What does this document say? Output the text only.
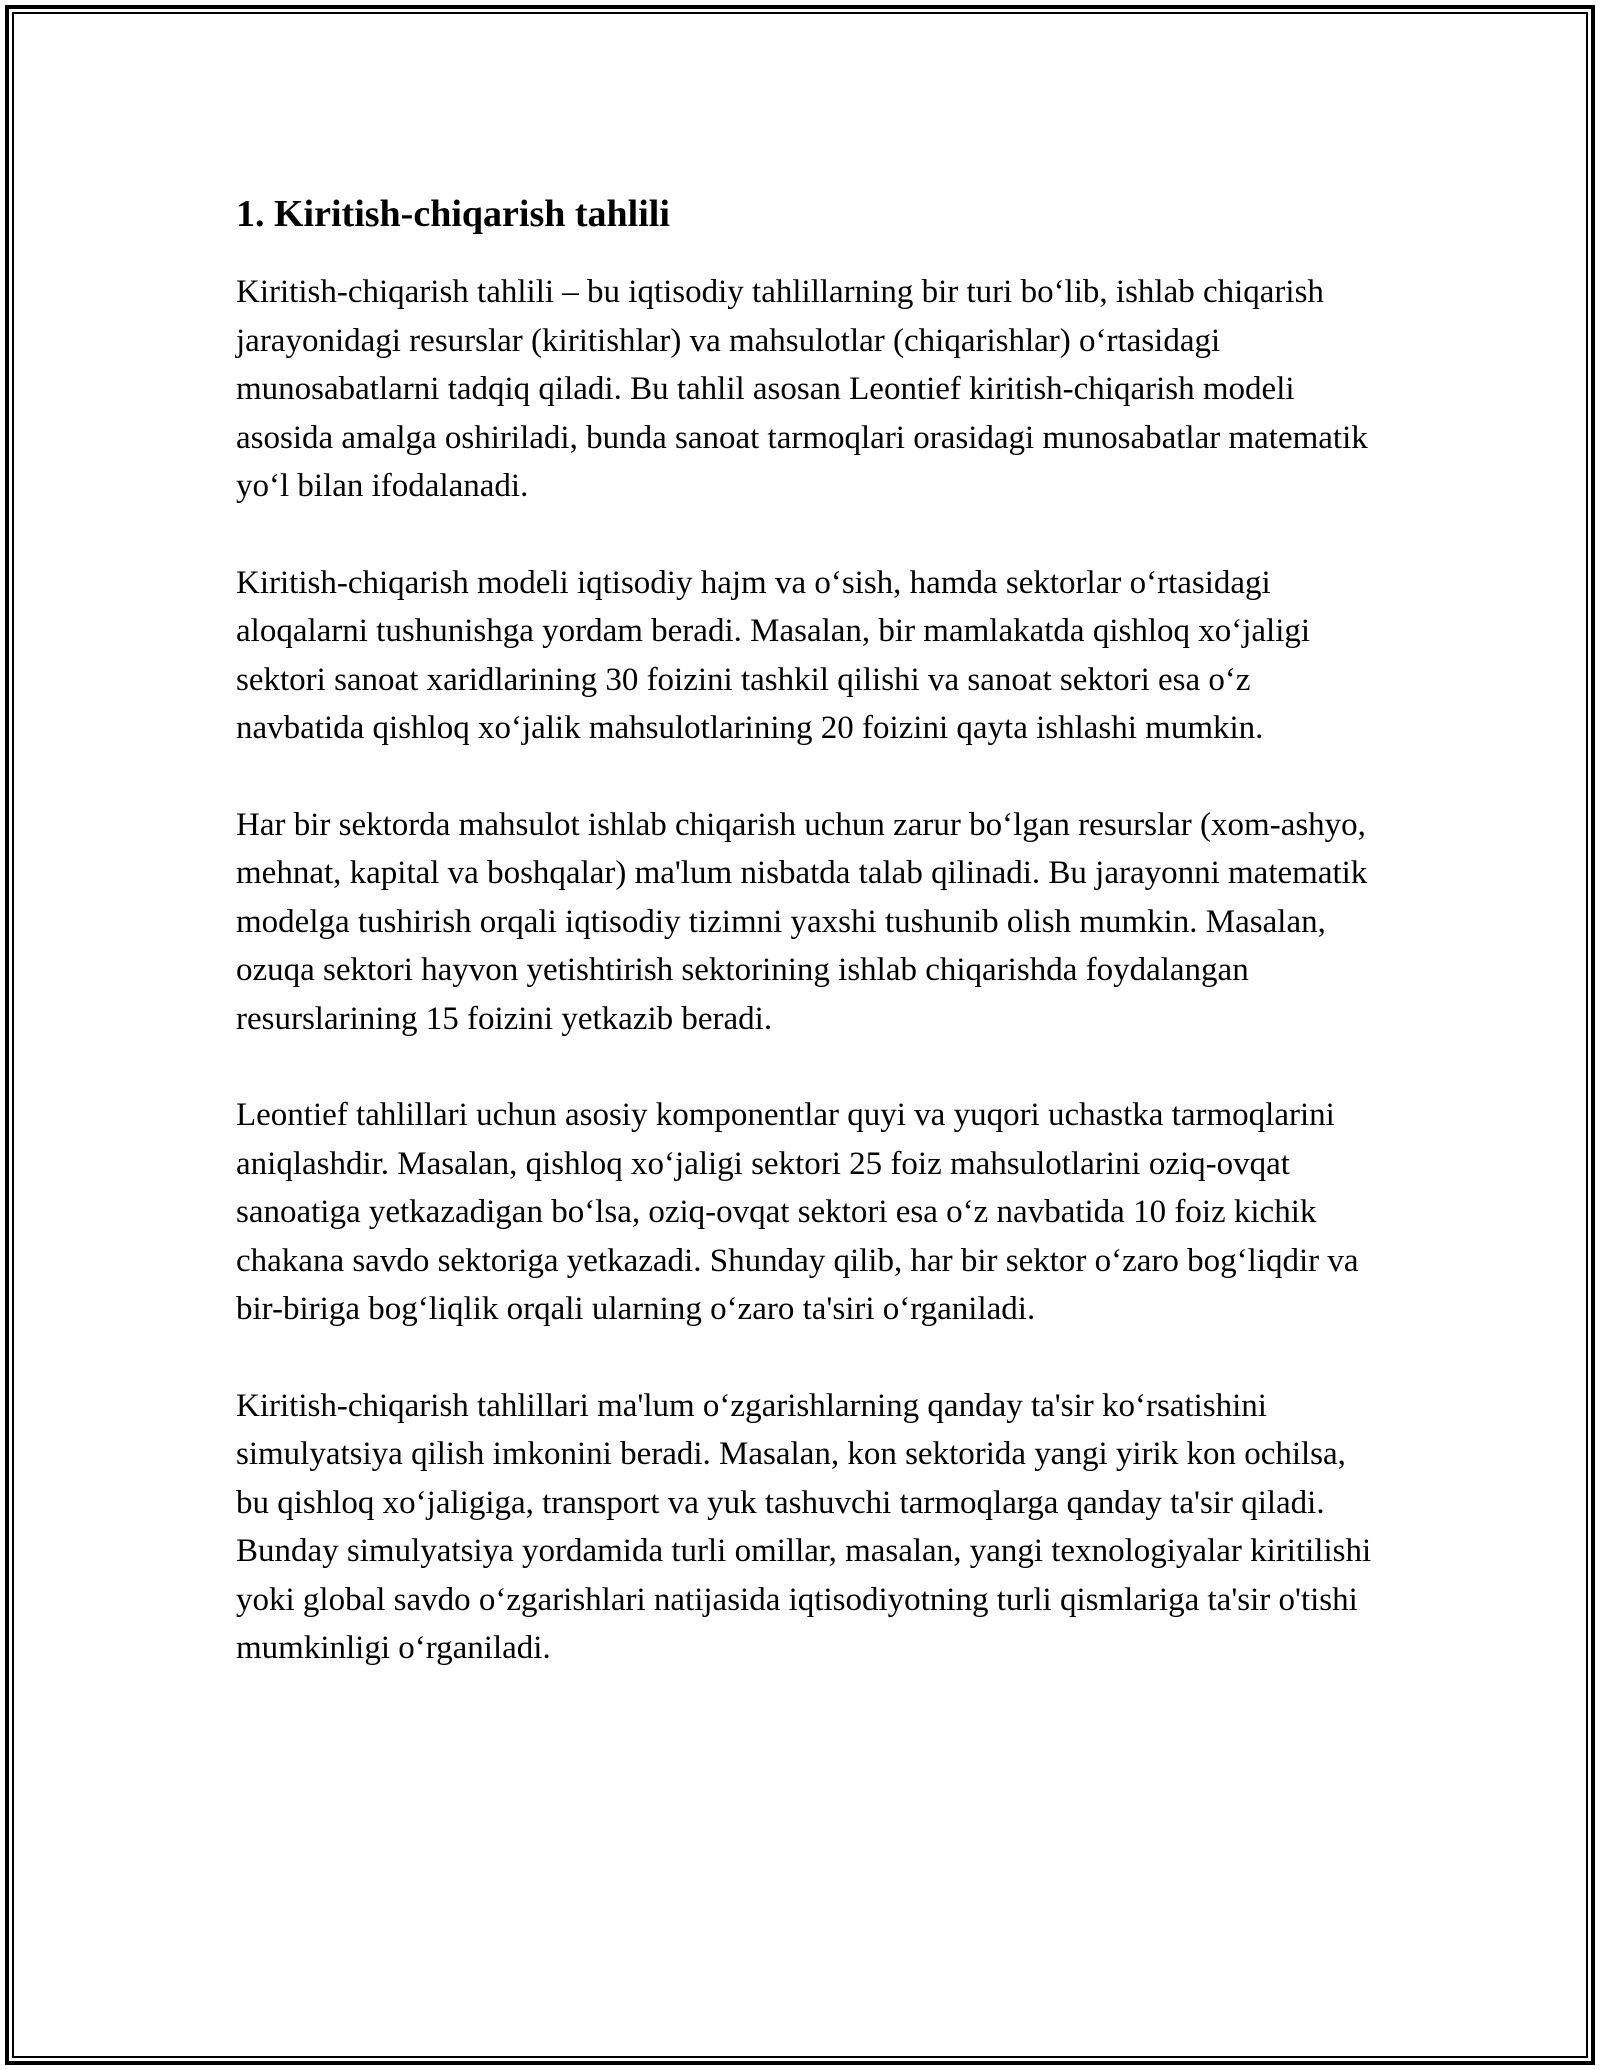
1. Kiritish-chiqarish tahlili

Kiritish-chiqarish tahlili – bu iqtisodiy tahlillarning bir turi boʻlib, ishlab chiqarish jarayonidagi resurslar (kiritishlar) va mahsulotlar (chiqarishlar) oʻrtasidagi munosabatlarni tadqiq qiladi. Bu tahlil asosan Leontief kiritish-chiqarish modeli asosida amalga oshiriladi, bunda sanoat tarmoqlari orasidagi munosabatlar matematik yoʻl bilan ifodalanadi.

Kiritish-chiqarish modeli iqtisodiy hajm va oʻsish, hamda sektorlar oʻrtasidagi aloqalarni tushunishga yordam beradi. Masalan, bir mamlakatda qishloq xoʻjaligi sektori sanoat xaridlarining 30 foizini tashkil qilishi va sanoat sektori esa oʻz navbatida qishloq xoʻjalik mahsulotlarining 20 foizini qayta ishlashi mumkin.

Har bir sektorda mahsulot ishlab chiqarish uchun zarur boʻlgan resurslar (xom-ashyo, mehnat, kapital va boshqalar) ma'lum nisbatda talab qilinadi. Bu jarayonni matematik modelga tushirish orqali iqtisodiy tizimni yaxshi tushunib olish mumkin. Masalan, ozuqa sektori hayvon yetishtirish sektorining ishlab chiqarishda foydalangan resurslarining 15 foizini yetkazib beradi.

Leontief tahlillari uchun asosiy komponentlar quyi va yuqori uchastka tarmoqlarini aniqlashdir. Masalan, qishloq xoʻjaligi sektori 25 foiz mahsulotlarini oziq-ovqat sanoatiga yetkazadigan boʻlsa, oziq-ovqat sektori esa oʻz navbatida 10 foiz kichik chakana savdo sektoriga yetkazadi. Shunday qilib, har bir sektor oʻzaro bogʻliqdir va bir-biriga bogʻliqlik orqali ularning oʻzaro ta'siri oʻrganiladi.

Kiritish-chiqarish tahlillari ma'lum oʻzgarishlarning qanday ta'sir koʻrsatishini simulyatsiya qilish imkonini beradi. Masalan, kon sektorida yangi yirik kon ochilsa, bu qishloq xoʻjaligiga, transport va yuk tashuvchi tarmoqlarga qanday ta'sir qiladi. Bunday simulyatsiya yordamida turli omillar, masalan, yangi texnologiyalar kiritilishi yoki global savdo oʻzgarishlari natijasida iqtisodiyotning turli qismlariga ta'sir o'tishi mumkinligi oʻrganiladi.
